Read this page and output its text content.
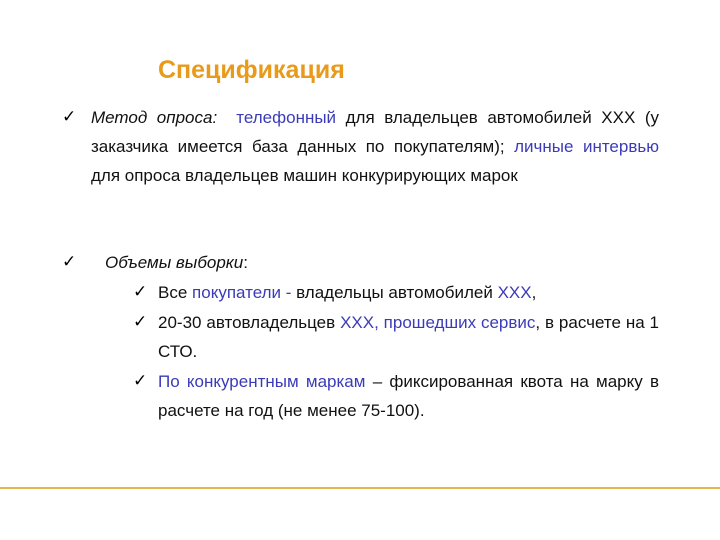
Спецификация
✓ Метод опроса: телефонный для владельцев автомобилей ХХХ (у заказчика имеется база данных по покупателям); личные интервью для опроса владельцев машин конкурирующих марок
✓ Объемы выборки:
✓ Все покупатели - владельцы автомобилей ХХХ,
✓ 20-30 автовладельцев ХХХ, прошедших сервис, в расчете на 1 СТО.
✓ По конкурентным маркам – фиксированная квота на марку в расчете на год (не менее 75-100).
